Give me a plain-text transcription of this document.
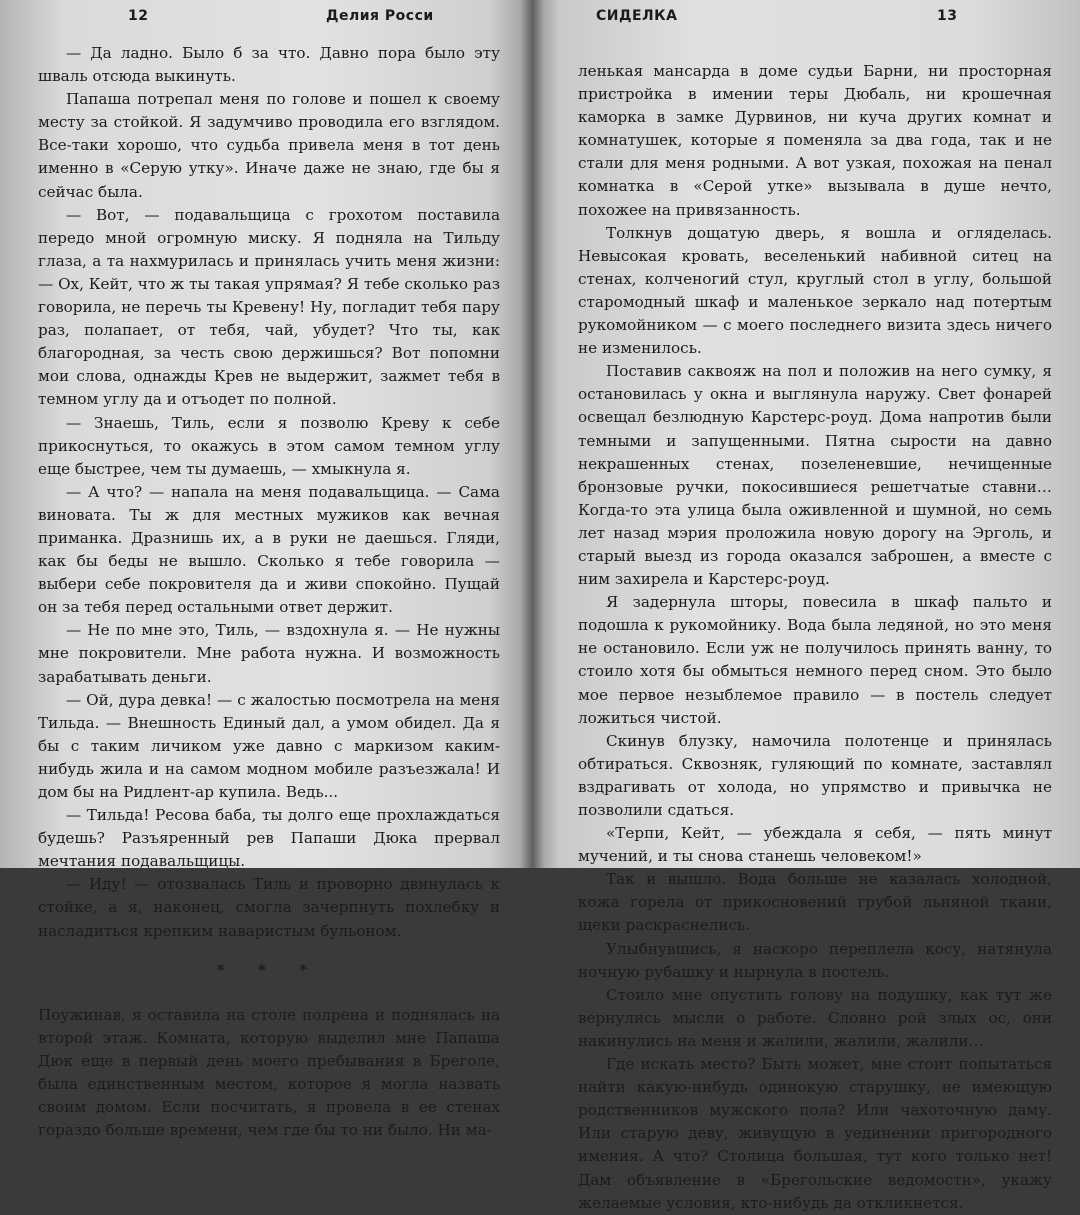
12	Делия Росси

— Да ладно. Было б за что. Давно пора было эту шваль отсюда выкинуть.

Папаша потрепал меня по голове и пошел к своему месту за стойкой. Я задумчиво проводила его взглядом. Все-таки хорошо, что судьба привела меня в тот день именно в «Серую утку». Иначе даже не знаю, где бы я сейчас была.

— Вот, — подавальщица с грохотом поставила передо мной огромную миску. Я подняла на Тильду глаза, а та нахмурилась и принялась учить меня жизни: — Ох, Кейт, что ж ты такая упрямая? Я тебе сколько раз говорила, не перечь ты Кревену! Ну, погладит тебя пару раз, полапает, от тебя, чай, убудет? Что ты, как благородная, за честь свою держишься? Вот попомни мои слова, однажды Крев не выдержит, зажмет тебя в темном углу да и отъодет по полной.

— Знаешь, Тиль, если я позволю Креву к себе прикоснуться, то окажусь в этом самом темном углу еще быстрее, чем ты думаешь, — хмыкнула я.

— А что? — напала на меня подавальщица. — Сама виновата. Ты ж для местных мужиков как вечная приманка. Дразнишь их, а в руки не даешься. Гляди, как бы беды не вышло. Сколько я тебе говорила — выбери себе покровителя да и живи спокойно. Пущай он за тебя перед остальными ответ держит.

— Не по мне это, Тиль, — вздохнула я. — Не нужны мне покровители. Мне работа нужна. И возможность зарабатывать деньги.

— Ой, дура девка! — с жалостью посмотрела на меня Тильда. — Внешность Единый дал, а умом обидел. Да я бы с таким личиком уже давно с маркизом каким-нибудь жила и на самом модном мобиле разъезжала! И дом бы на Ридлент-ар купила. Ведь...

— Тильда! Ресова баба, ты долго еще прохлаждаться будешь? Разъяренный рев Папаши Дюка прервал мечтания подавальщицы.

— Иду! — отозвалась Тиль и проворно двинулась к стойке, а я, наконец, смогла зачерпнуть похлебку и насладиться крепким наваристым бульоном.

* * *

Поужинав, я оставила на столе полрена и поднялась на второй этаж. Комната, которую выделил мне Папаша Дюк еще в первый день моего пребывания в Бреголе, была единственным местом, которое я могла назвать своим домом. Если посчитать, я провела в ее стенах гораздо больше времени, чем где бы то ни было. Ни ма-

СИДЕЛКА	13

ленькая мансарда в доме судьи Барни, ни просторная пристройка в имении теры Дюбаль, ни крошечная каморка в замке Дурвинов, ни куча других комнат и комнатушек, которые я поменяла за два года, так и не стали для меня родными. А вот узкая, похожая на пенал комнатка в «Серой утке» вызывала в душе нечто, похожее на привязанность.

Толкнув дощатую дверь, я вошла и огляделась. Невысокая кровать, веселенький набивной ситец на стенах, колченогий стул, круглый стол в углу, большой старомодный шкаф и маленькое зеркало над потертым рукомойником — с моего последнего визита здесь ничего не изменилось.

Поставив саквояж на пол и положив на него сумку, я остановилась у окна и выглянула наружу. Свет фонарей освещал безлюдную Карстерс-роуд. Дома напротив были темными и запущенными. Пятна сырости на давно некрашенных стенах, позеленевшие, нечищенные бронзовые ручки, покосившиеся решетчатые ставни… Когда-то эта улица была оживленной и шумной, но семь лет назад мэрия проложила новую дорогу на Эрголь, и старый выезд из города оказался заброшен, а вместе с ним захирела и Карстерс-роуд.

Я задернула шторы, повесила в шкаф пальто и подошла к рукомойнику. Вода была ледяной, но это меня не остановило. Если уж не получилось принять ванну, то стоило хотя бы обмыться немного перед сном. Это было мое первое незыблемое правило — в постель следует ложиться чистой.

Скинув блузку, намочила полотенце и принялась обтираться. Сквозняк, гуляющий по комнате, заставлял вздрагивать от холода, но упрямство и привычка не позволили сдаться.

«Терпи, Кейт, — убеждала я себя, — пять минут мучений, и ты снова станешь человеком!»

Так и вышло. Вода больше не казалась холодной, кожа горела от прикосновений грубой льняной ткани, щеки раскраснелись.

Улыбнувшись, я наскоро переплела косу, натянула ночную рубашку и нырнула в постель.

Стоило мне опустить голову на подушку, как тут же вернулись мысли о работе. Словно рой злых ос, они накинулись на меня и жалили, жалили, жалили…

Где искать место? Быть может, мне стоит попытаться найти какую-нибудь одинокую старушку, не имеющую родственников мужского пола? Или чахоточную даму. Или старую деву, живущую в уединении пригородного имения. А что? Столица большая, тут кого только нет! Дам объявление в «Брегольские ведомости», укажу желаемые условия, кто-нибудь да откликнется.
